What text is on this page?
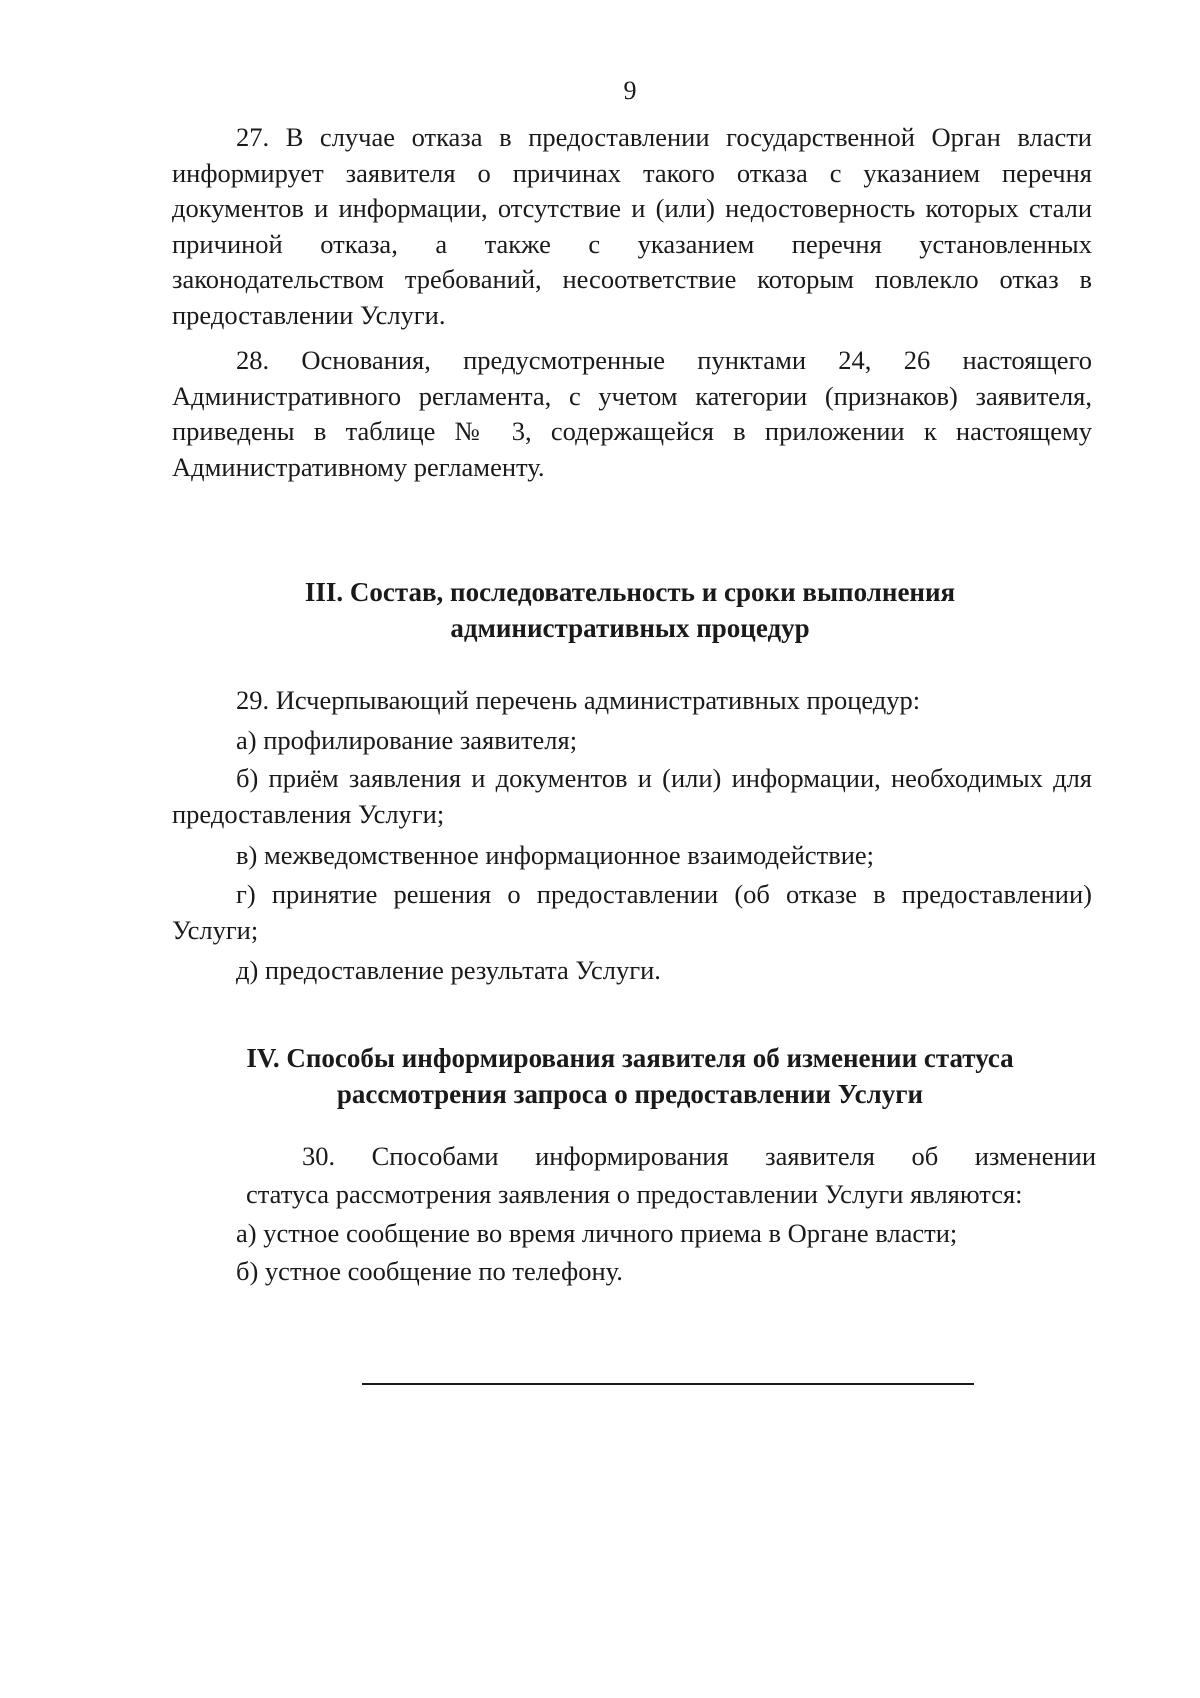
9

27. В случае отказа в предоставлении государственной Орган власти информирует заявителя о причинах такого отказа с указанием перечня документов и информации, отсутствие и (или) недостоверность которых стали причиной отказа, а также с указанием перечня установленных законодательством требований, несоответствие которым повлекло отказ в предоставлении Услуги.

28. Основания, предусмотренные пунктами 24, 26 настоящего Административного регламента, с учетом категории (признаков) заявителя, приведены в таблице № 3, содержащейся в приложении к настоящему Административному регламенту.

III. Состав, последовательность и сроки выполнения

административных процедур

29. Исчерпывающий перечень административных процедур:

а) профилирование заявителя;

б) приём заявления и документов и (или) информации, необходимых для предоставления Услуги;

в) межведомственное информационное взаимодействие;

г) принятие решения о предоставлении (об отказе в предоставлении) Услуги;

д) предоставление результата Услуги.

IV. Способы информирования заявителя об изменении статуса

рассмотрения запроса о предоставлении Услуги

30. Способами информирования заявителя об изменении

статуса рассмотрения заявления о предоставлении Услуги являются:

а) устное сообщение во время личного приема в Органе власти;

б) устное сообщение по телефону.
